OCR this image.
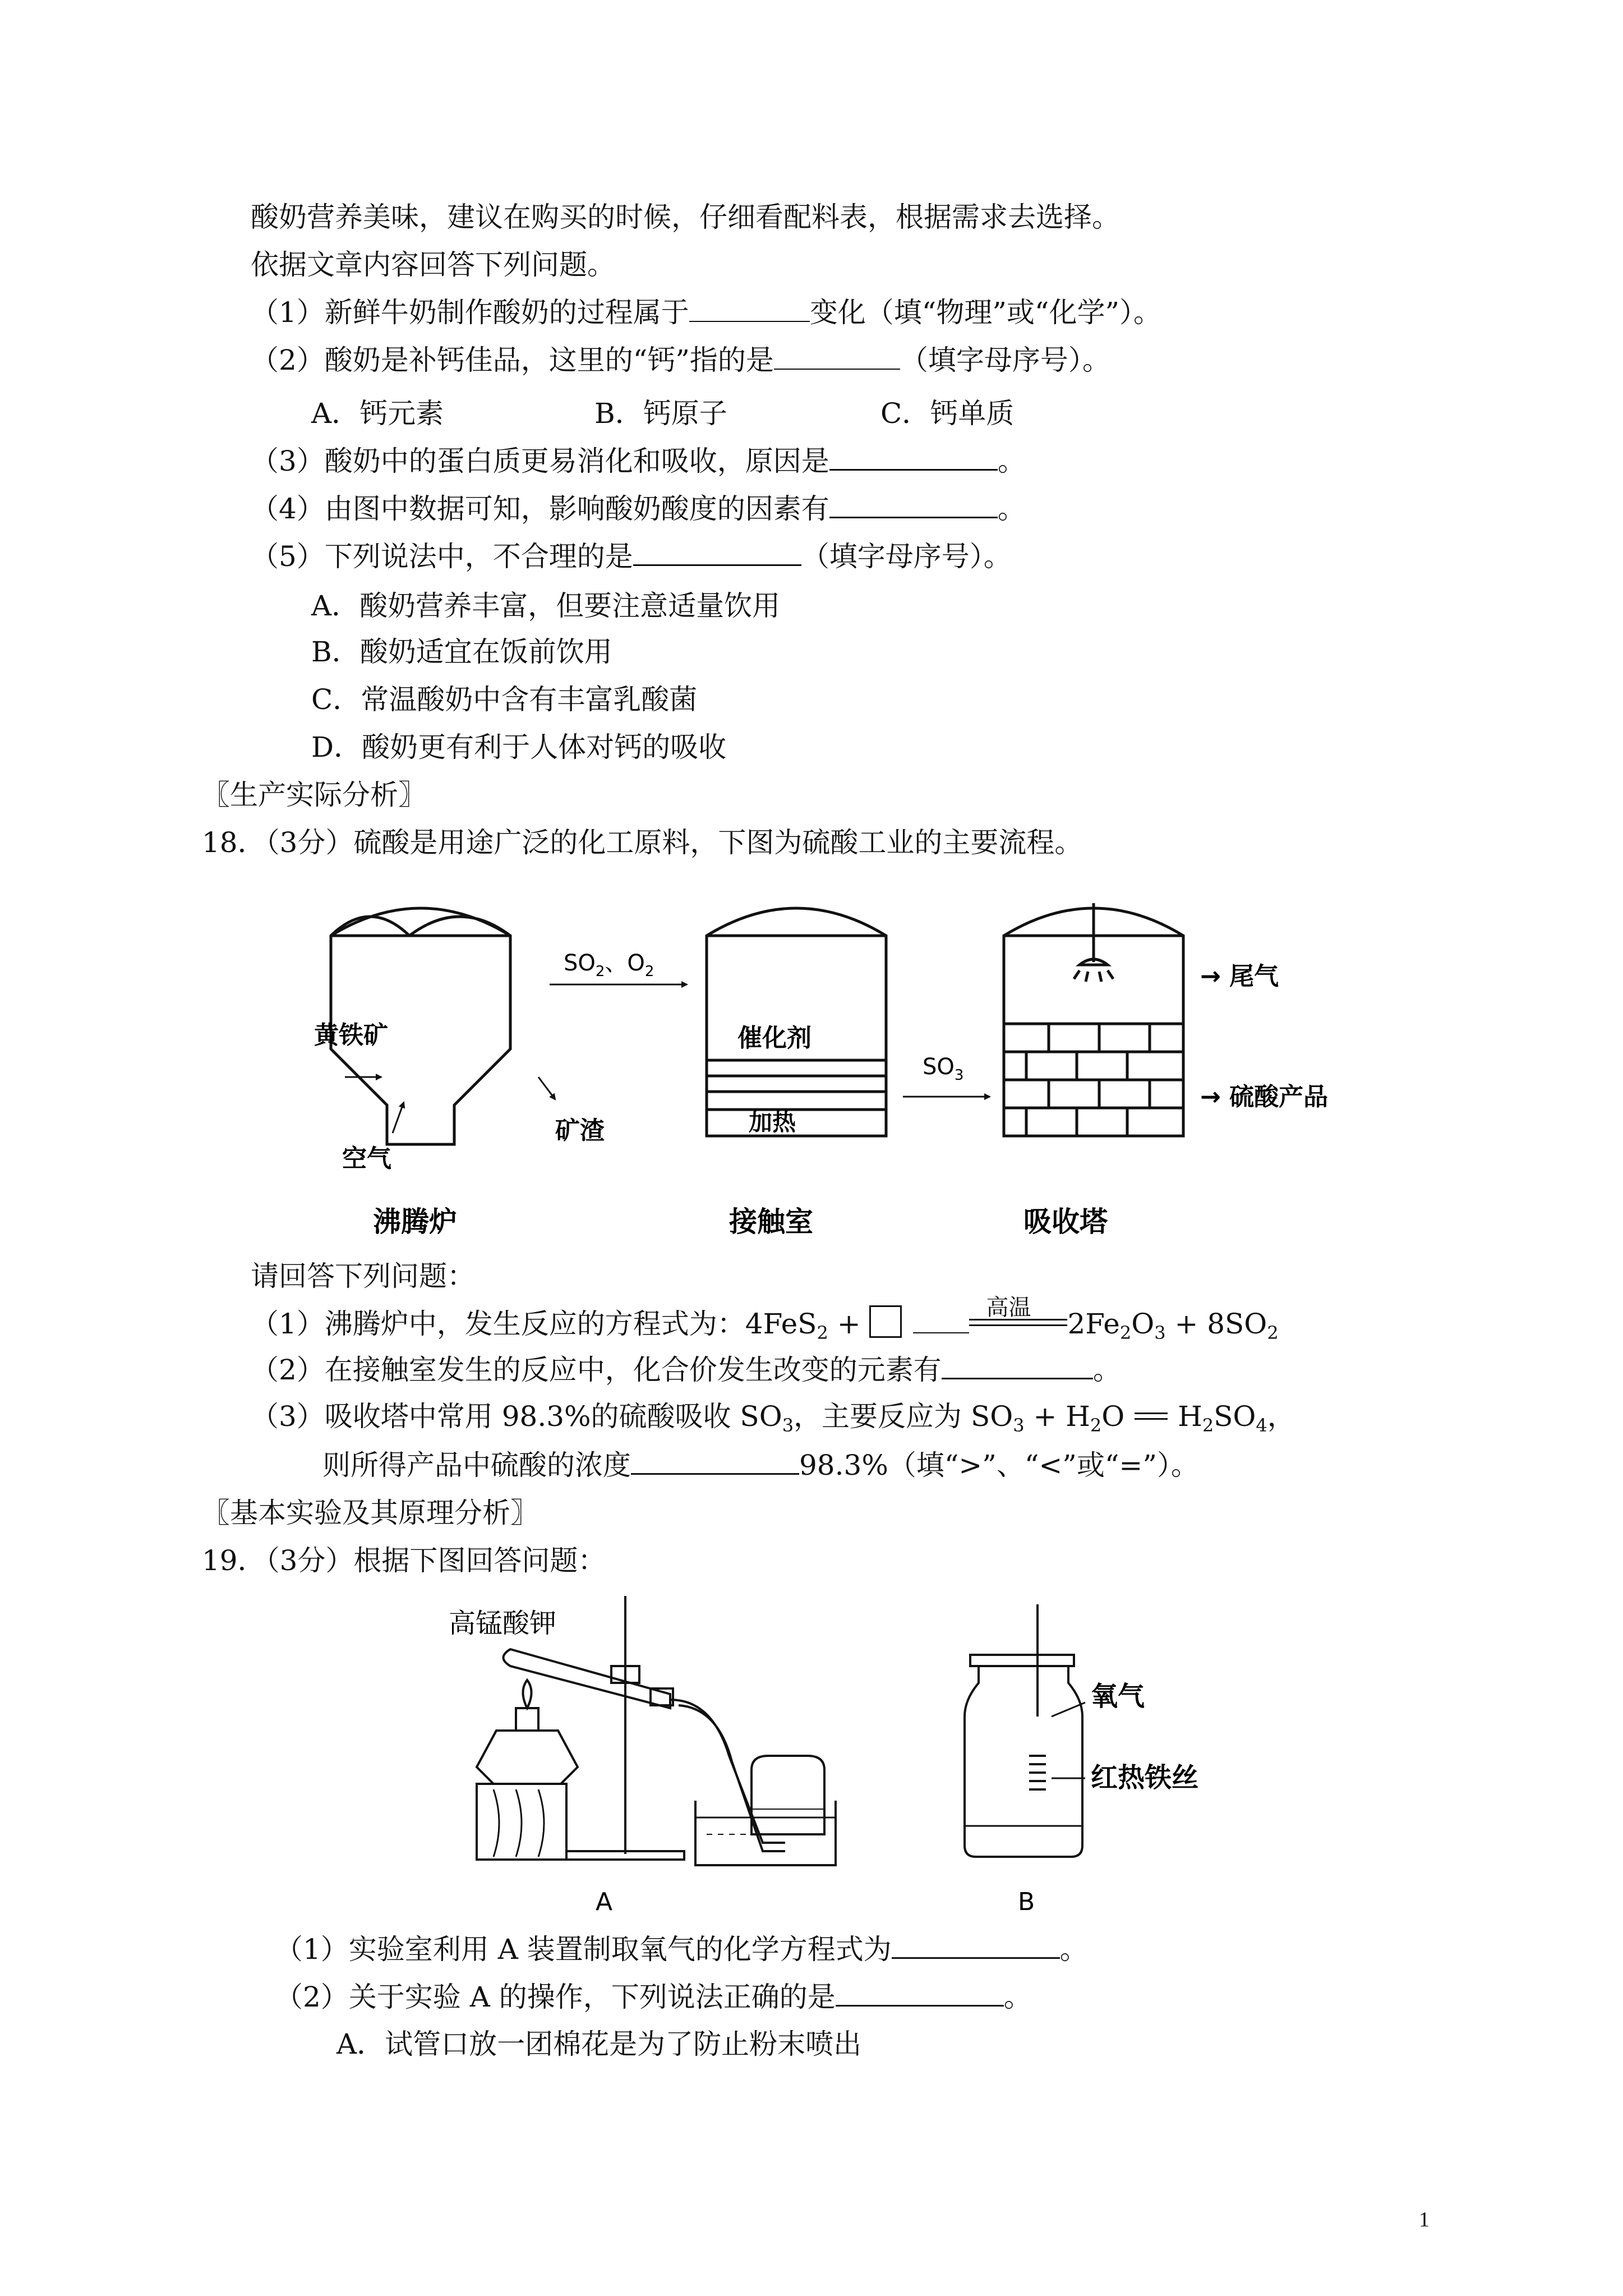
酸奶营养美味，建议在购买的时候，仔细看配料表，根据需求去选择。
依据文章内容回答下列问题。
（1）新鲜牛奶制作酸奶的过程属于	变化（填“物理”或“化学”）。
（2）酸奶是补钙佳品，这里的“钙”指的是	（填字母序号）。
A．钙元素	B．钙原子	C．钙单质
（3）酸奶中的蛋白质更易消化和吸收，原因是	。
（4）由图中数据可知，影响酸奶酸度的因素有	。
（5）下列说法中，不合理的是	（填字母序号）。
A．酸奶营养丰富，但要注意适量饮用
B．酸奶适宜在饭前饮用
C．常温酸奶中含有丰富乳酸菌
D．酸奶更有利于人体对钙的吸收
〖生产实际分析〗
18．（3分）硫酸是用途广泛的化工原料，下图为硫酸工业的主要流程。
黄铁矿
空气
矿渣
$SO_2$、$O_2$
催化剂
加热
$SO_3$
→ 尾气
→ 硫酸产品
沸腾炉	接触室	吸收塔
请回答下列问题：
（1）沸腾炉中，发生反应的方程式为：4FeS$_2$ +	高温 $2Fe_2O_3 + 8SO_2$
（2）在接触室发生的反应中，化合价发生改变的元素有	。
（3）吸收塔中常用 98.3%的硫酸吸收 $SO_3$，主要反应为 $SO_3 + H_2O$ $H_2SO_4$，
则所得产品中硫酸的浓度	98.3%（填“>”、“<”或“=”）。
〖基本实验及其原理分析〗
19．（3分）根据下图回答问题：
高锰酸钾
氧气
红热铁丝
A	B
（1）实验室利用 A 装置制取氧气的化学方程式为	。
（2）关于实验 A 的操作，下列说法正确的是	。
A．试管口放一团棉花是为了防止粉末喷出
1
